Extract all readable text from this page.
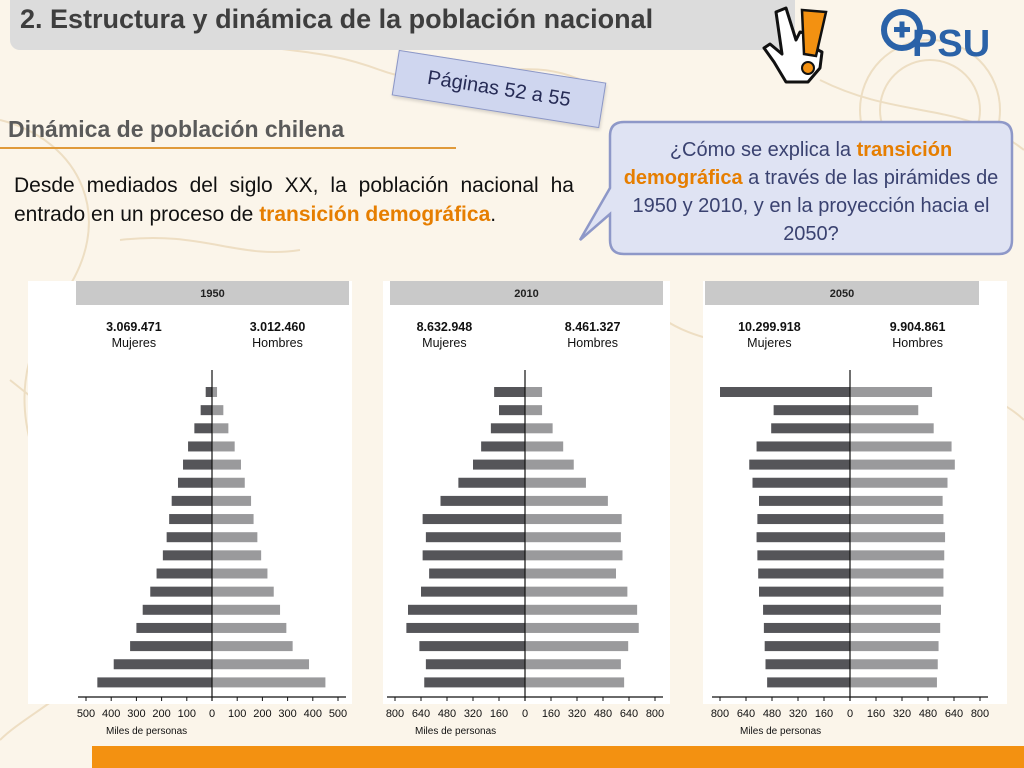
2. Estructura y dinámica de la población nacional
PSU
Páginas 52 a 55
Dinámica de población chilena
Desde mediados del siglo XX, la población nacional ha entrado en un proceso de transición demográfica.
¿Cómo se explica la transición demográfica a través de las pirámides de 1950 y 2010, y en la proyección hacia el 2050?
1950
3.069.471
Mujeres
3.012.460
Hombres
500 400 300 200 100 0 100 200 300 400 500
Miles de personas
2010
8.632.948
Mujeres
8.461.327
Hombres
800 640 480 320 160 0 160 320 480 640 800
Miles de personas
2050
10.299.918
Mujeres
9.904.861
Hombres
800 640 480 320 160 0 160 320 480 640 800
Miles de personas
